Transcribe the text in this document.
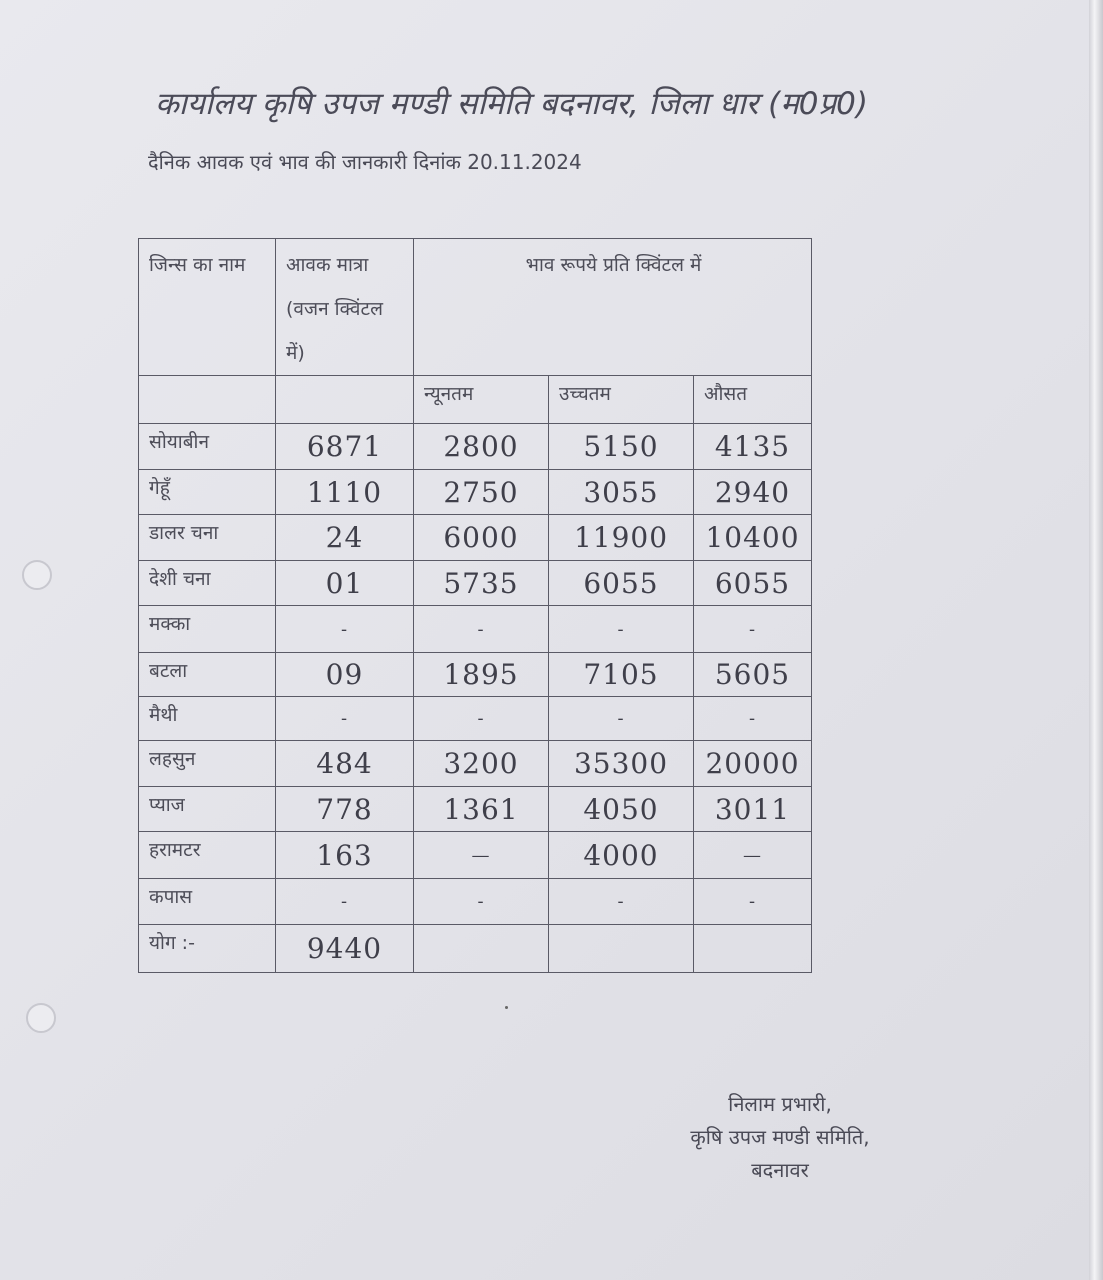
कार्यालय कृषि उपज मण्डी समिति बदनावर, जिला धार (म0प्र0)
दैनिक आवक एवं भाव की जानकारी दिनांक 20.11.2024
जिन्स का नाम	आवक मात्रा (वजन क्विंटल में)	भाव रूपये प्रति क्विंटल में		
		न्यूनतम	उच्चतम	औसत
सोयाबीन	6871	2800	5150	4135
गेहूँ	1110	2750	3055	2940
डालर चना	24	6000	11900	10400
देशी चना	01	5735	6055	6055
मक्का	-	-	-	-
बटला	09	1895	7105	5605
मैथी	-	-	-	-
लहसुन	484	3200	35300	20000
प्याज	778	1361	4050	3011
हरामटर	163	—	4000	—
कपास	-	-	-	-
योग :-	9440			
निलाम प्रभारी,
कृषि उपज मण्डी समिति,
बदनावर
